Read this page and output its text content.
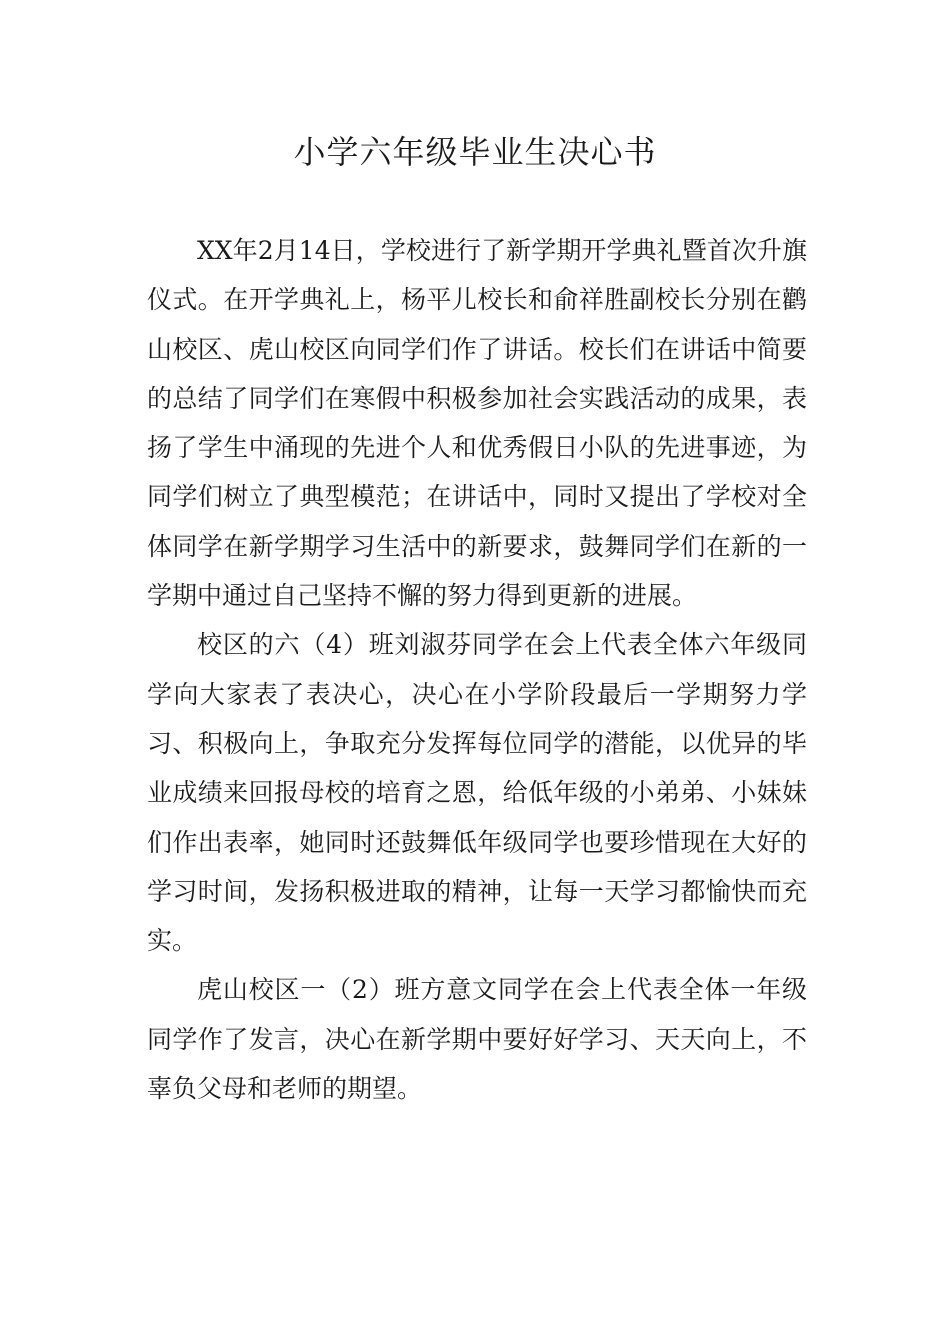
小学六年级毕业生决心书

XX年2月14日，学校进行了新学期开学典礼暨首次升旗仪式。在开学典礼上，杨平儿校长和俞祥胜副校长分别在鹳山校区、虎山校区向同学们作了讲话。校长们在讲话中简要的总结了同学们在寒假中积极参加社会实践活动的成果，表扬了学生中涌现的先进个人和优秀假日小队的先进事迹，为同学们树立了典型模范；在讲话中，同时又提出了学校对全体同学在新学期学习生活中的新要求，鼓舞同学们在新的一学期中通过自己坚持不懈的努力得到更新的进展。

校区的六（4）班刘淑芬同学在会上代表全体六年级同学向大家表了表决心，决心在小学阶段最后一学期努力学习、积极向上，争取充分发挥每位同学的潜能，以优异的毕业成绩来回报母校的培育之恩，给低年级的小弟弟、小妹妹们作出表率，她同时还鼓舞低年级同学也要珍惜现在大好的学习时间，发扬积极进取的精神，让每一天学习都愉快而充实。

虎山校区一（2）班方意文同学在会上代表全体一年级同学作了发言，决心在新学期中要好好学习、天天向上，不辜负父母和老师的期望。
